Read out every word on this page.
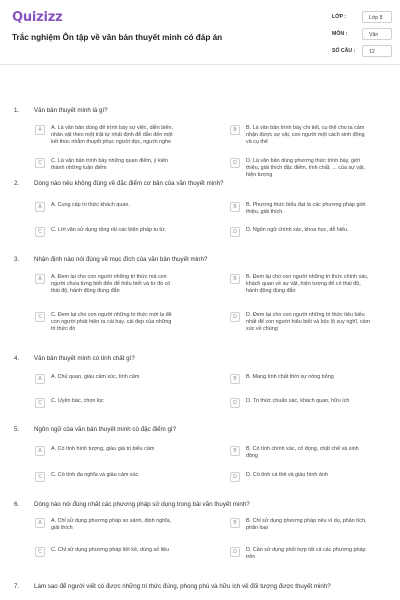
Quizizz
Trắc nghiệm Ôn tập về văn bản thuyết minh có đáp án
LỚP :	Lớp 8
MÔN :	Văn
SỐ CÂU :	12
1. Văn bản thuyết minh là gì?
A	A. Là văn bản dùng để trình bày sự việc, diễn biến,
nhân vật theo một trật tự nhất định để dẫn đến một
kết thúc nhằm thuyết phục người đọc, người nghe
B	B. Là văn bản trình bày chi tiết, cụ thể cho ta cảm
nhận được sự vật, con người một cách sinh động
và cụ thể
C	C. Là văn bản trình bày những quan điểm, ý kiến
thành những luận điểm
D	D. Là văn bản dùng phương thức trình bày, giới
thiệu, giải thích đặc điểm, tính chất, ... của sự vật,
hiện tượng
2. Dòng nào nêu không đúng về đặc điểm cơ bản của văn thuyết minh?
A	A. Cung cấp tri thức khách quan.	B	B. Phương thức biểu đạt là các phương pháp giới
thiệu, giải thích.
C	C. Lời văn sử dụng rộng rãi các biện pháp tu từ.	D	D. Ngôn ngữ chính xác, khoa học, dễ hiểu.
3. Nhận định nào nói đúng về mục đích của văn bản thuyết minh?
A	A. Đem lại cho con người những tri thức mà con
người chưa từng biết đến để hiểu biết và từ đó có
thái độ, hành động đúng đắn
B	B. Đem lại cho con người những tri thức chính xác,
khách quan về sự vật, hiện tượng để có thái độ,
hành động đúng đắn
C	C. Đem lại cho con người những tri thức mới lạ để
con người phát hiện ra cái hay, cái đẹp của những
tri thức đó
D	D. Đem lại cho con người những tri thức tiêu biểu
nhất để con người hiểu biết và bộc lộ suy nghĩ, cảm
xúc về chúng
4. Văn bản thuyết minh có tính chất gì?
A	A. Chủ quan, giàu cảm xúc, tình cảm	B	B. Mang tính chất thời sự nóng bỏng
C	C. Uyên bác, chọn lọc	D	D. Tri thức chuẩn xác, khách quan, hữu ích
5. Ngôn ngữ của văn bản thuyết minh có đặc điểm gì?
A	A. Có tính hình tượng, giàu giá trị biểu cảm	B	B. Có tính chính xác, cô đọng, chặt chẽ và sinh
động
C	C. Có tính đa nghĩa và giàu cảm xúc	D	D. Có tính cá thể và giàu hình ảnh
6. Dòng nào nói đúng nhất các phương pháp sử dụng trong bài văn thuyết minh?
A	A. Chỉ sử dụng phương pháp so sánh, định nghĩa,
giải thích
B	B. Chỉ sử dụng phương pháp nêu ví dụ, phân tích,
phân loại
C	C. Chỉ sử dụng phương pháp liệt kê, dùng số liệu	D	D. Cần sử dụng phối hợp tất cả các phương pháp
trên
7. Làm sao để người viết có được những tri thức đúng, phong phú và hữu ích về đối tượng được thuyết minh?
